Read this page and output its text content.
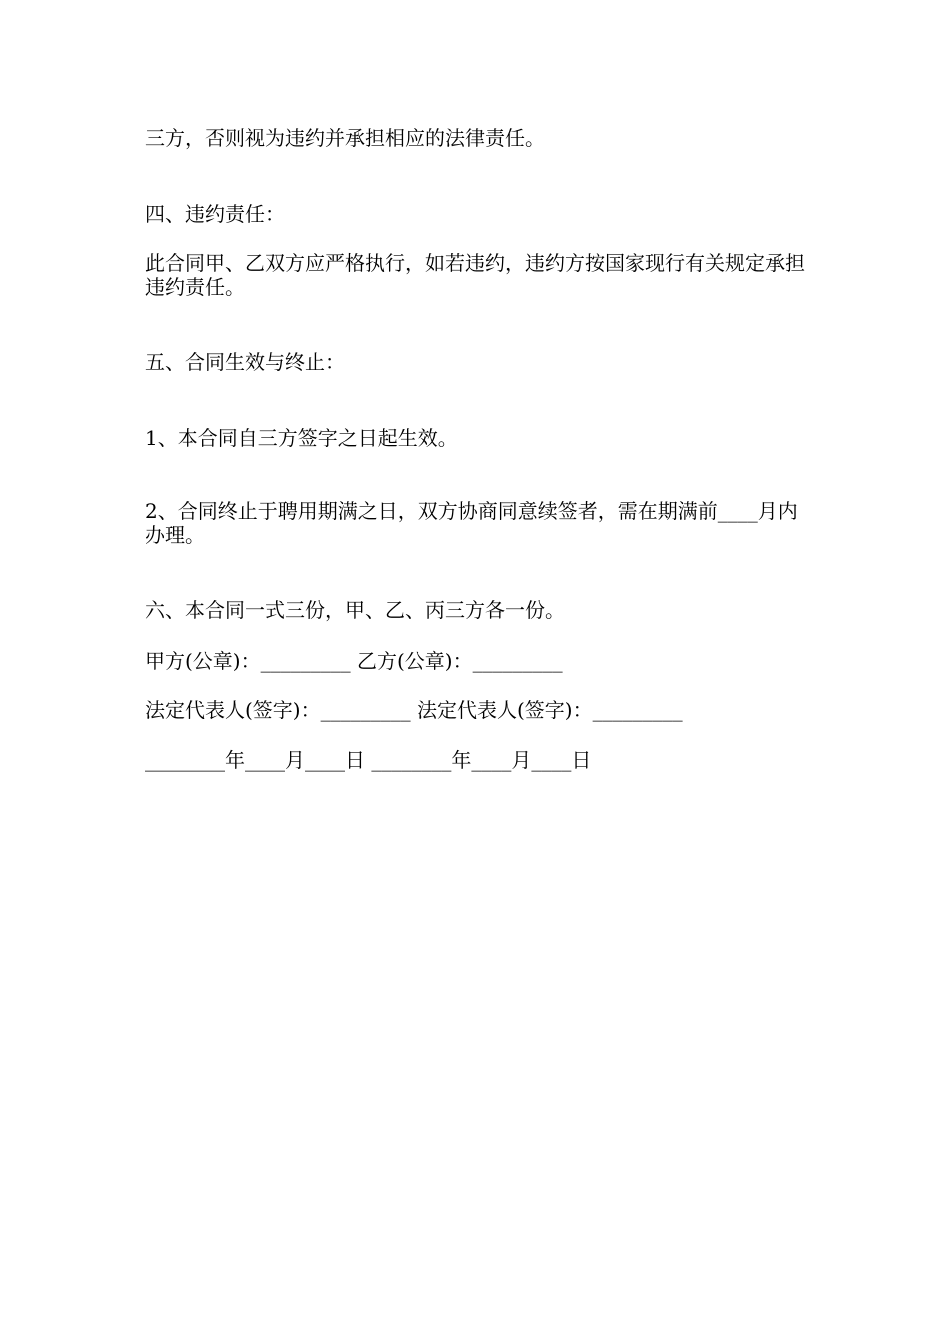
三方，否则视为违约并承担相应的法律责任。

四、违约责任：

此合同甲、乙双方应严格执行，如若违约，违约方按国家现行有关规定承担违约责任。

五、合同生效与终止：

1、本合同自三方签字之日起生效。

2、合同终止于聘用期满之日，双方协商同意续签者，需在期满前____月内办理。

六、本合同一式三份，甲、乙、丙三方各一份。

甲方(公章)：_________ 乙方(公章)：_________

法定代表人(签字)：_________ 法定代表人(签字)：_________

________年____月____日 ________年____月____日
